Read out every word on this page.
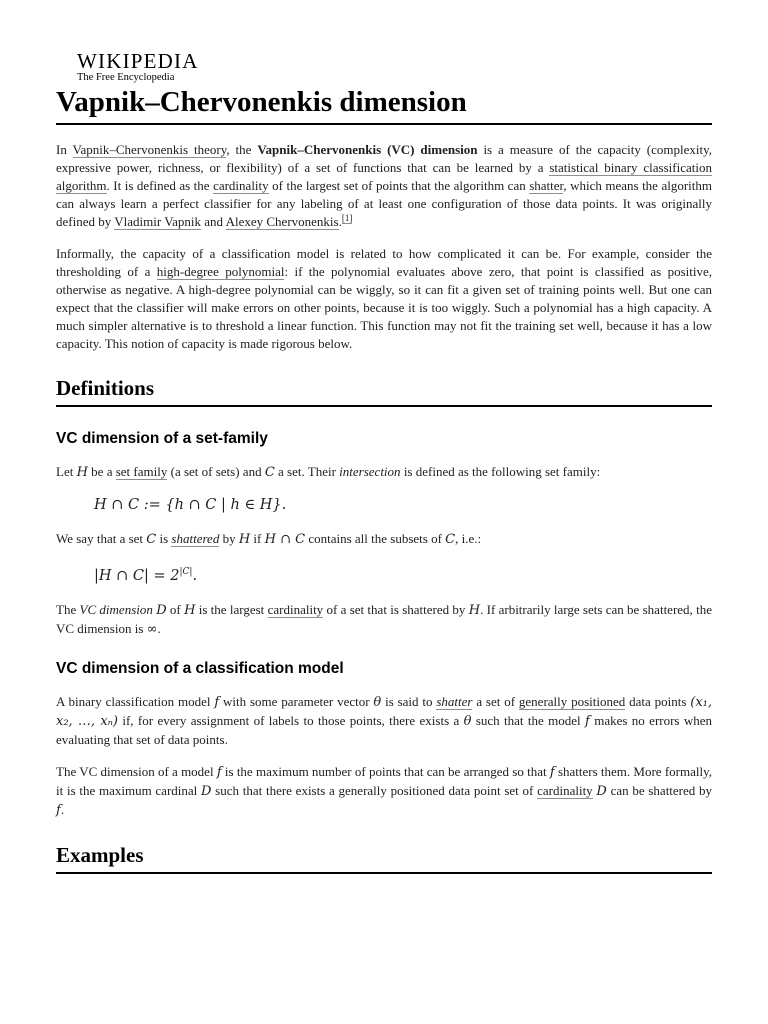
WIKIPEDIA
The Free Encyclopedia
Vapnik–Chervonenkis dimension

In Vapnik–Chervonenkis theory, the Vapnik–Chervonenkis (VC) dimension is a measure of the capacity (complexity, expressive power, richness, or flexibility) of a set of functions that can be learned by a statistical binary classification algorithm. It is defined as the cardinality of the largest set of points that the algorithm can shatter, which means the algorithm can always learn a perfect classifier for any labeling of at least one configuration of those data points. It was originally defined by Vladimir Vapnik and Alexey Chervonenkis.[1]

Informally, the capacity of a classification model is related to how complicated it can be. For example, consider the thresholding of a high-degree polynomial: if the polynomial evaluates above zero, that point is classified as positive, otherwise as negative. A high-degree polynomial can be wiggly, so it can fit a given set of training points well. But one can expect that the classifier will make errors on other points, because it is too wiggly. Such a polynomial has a high capacity. A much simpler alternative is to threshold a linear function. This function may not fit the training set well, because it has a low capacity. This notion of capacity is made rigorous below.

Definitions
VC dimension of a set-family

Let H be a set family (a set of sets) and C a set. Their intersection is defined as the following set family:

H ∩ C := {h ∩ C | h ∈ H}.

We say that a set C is shattered by H if H ∩ C contains all the subsets of C, i.e.:

|H ∩ $C| = 2^{|C|}$.

The VC dimension D of H is the largest cardinality of a set that is shattered by H. If arbitrarily large sets can be shattered, the VC dimension is ∞.

VC dimension of a classification model

A binary classification model f with some parameter vector θ is said to shatter a set of generally positioned data points (x₁, x₂, …, xₙ) if, for every assignment of labels to those points, there exists a θ such that the model f makes no errors when evaluating that set of data points.

The VC dimension of a model f is the maximum number of points that can be arranged so that f shatters them. More formally, it is the maximum cardinal D such that there exists a generally positioned data point set of cardinality D can be shattered by f.

Examples
